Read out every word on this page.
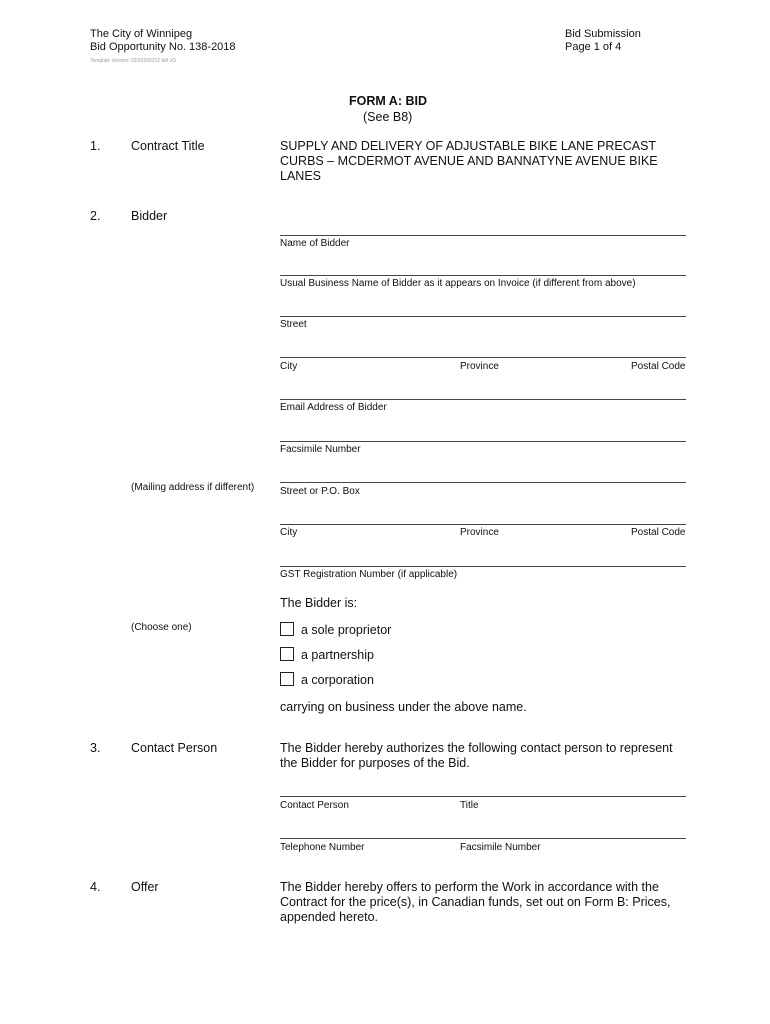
The City of Winnipeg
Bid Opportunity No. 138-2018
Template Version: G520180312 bid vO
Bid Submission
Page 1 of 4
FORM A: BID
(See B8)
1. Contract Title	SUPPLY AND DELIVERY OF ADJUSTABLE BIKE LANE PRECAST
CURBS – MCDERMOT AVENUE AND BANNATYNE AVENUE BIKE
LANES
2. Bidder
Name of Bidder
Usual Business Name of Bidder as it appears on Invoice (if different from above)
Street
City	Province	Postal Code
Email Address of Bidder
Facsimile Number
(Mailing address if different)	Street or P.O. Box
City	Province	Postal Code
GST Registration Number (if applicable)
The Bidder is:
(Choose one)	a sole proprietor
a partnership
a corporation
carrying on business under the above name.
3. Contact Person	The Bidder hereby authorizes the following contact person to represent
the Bidder for purposes of the Bid.
Contact Person	Title
Telephone Number	Facsimile Number
4. Offer	The Bidder hereby offers to perform the Work in accordance with the
Contract for the price(s), in Canadian funds, set out on Form B: Prices,
appended hereto.
